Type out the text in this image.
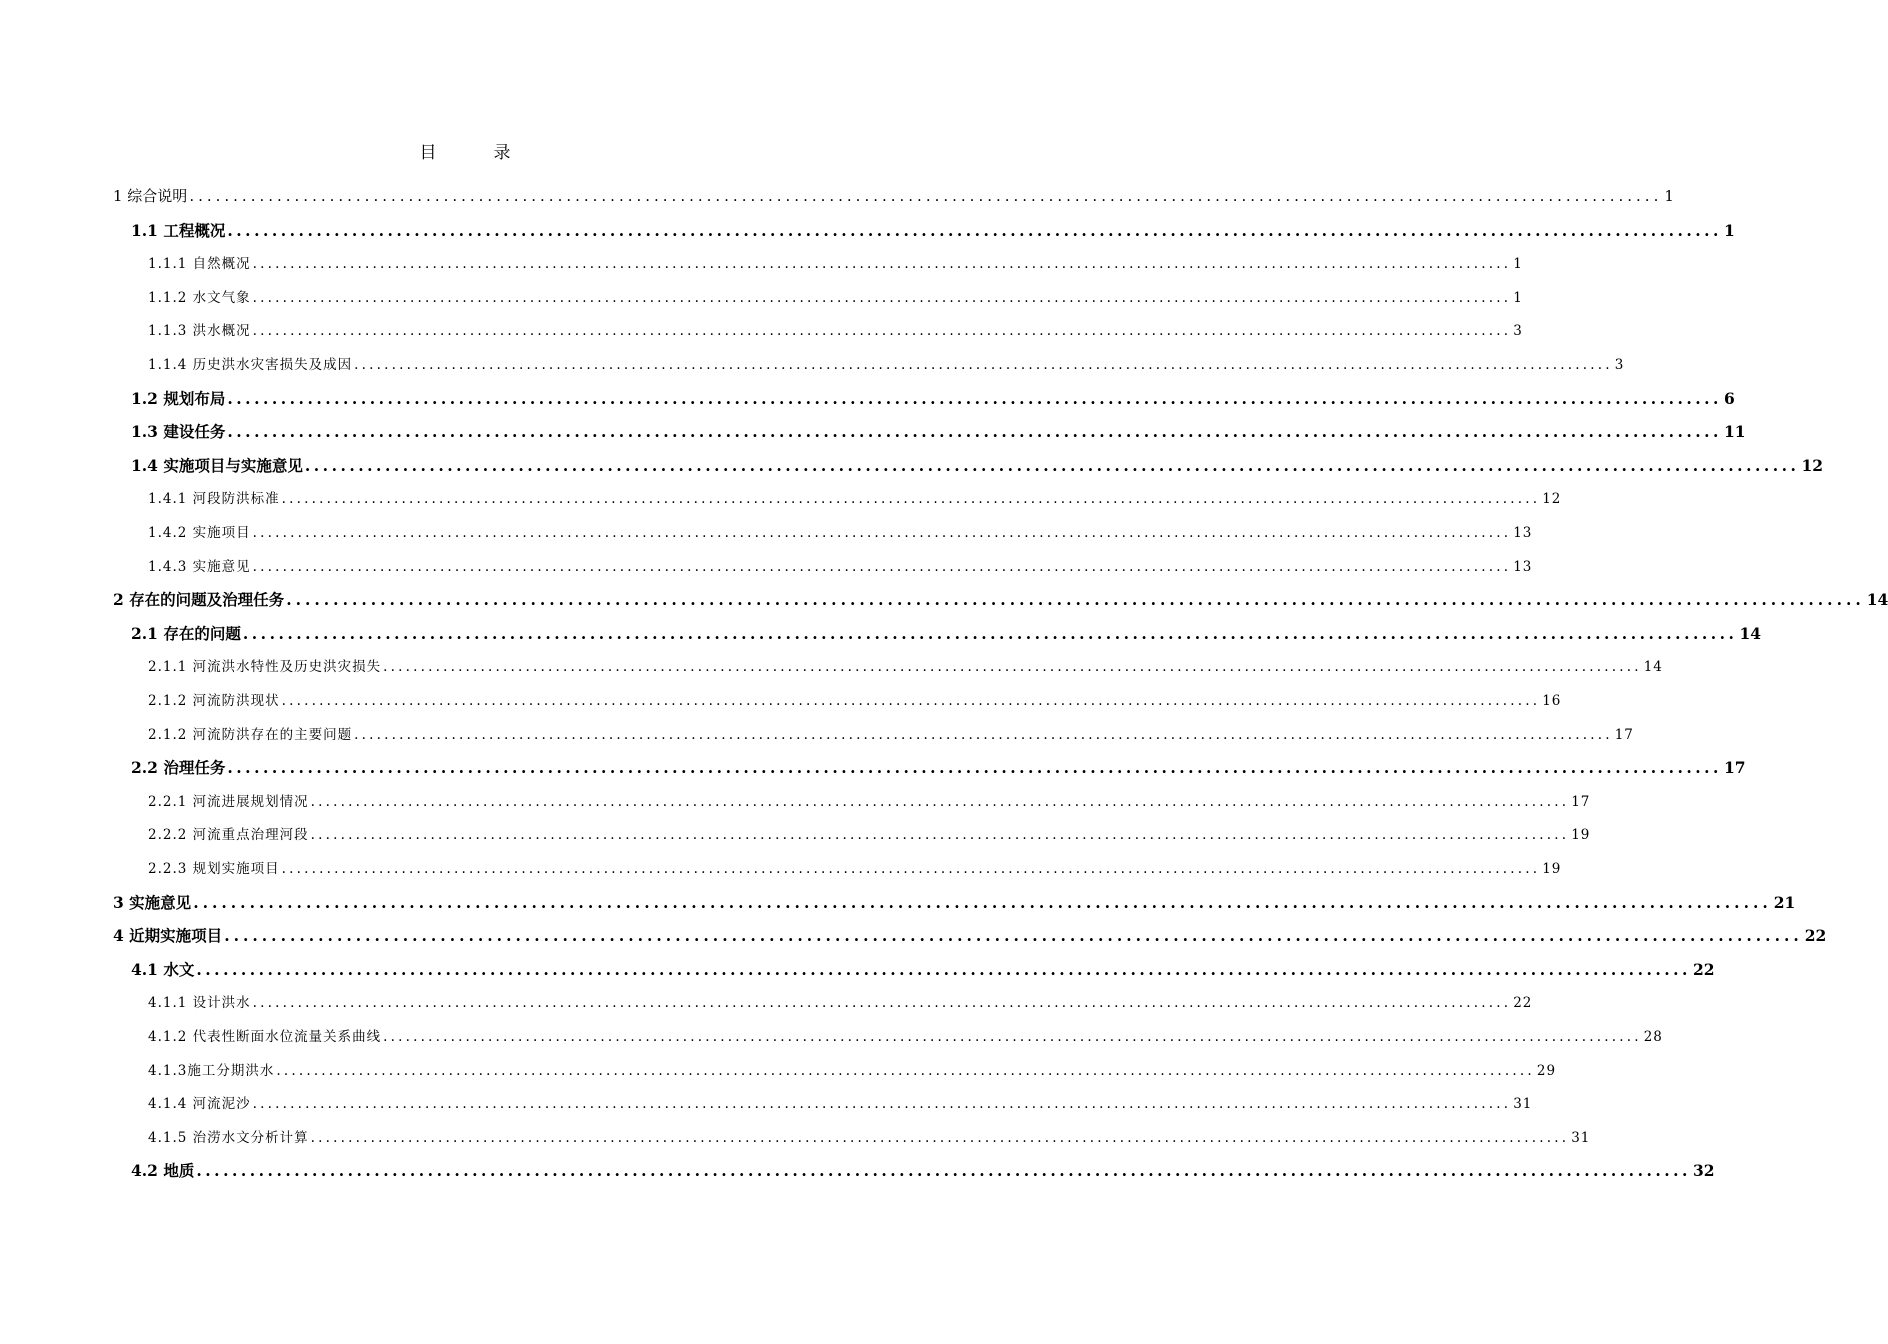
目　录
1 综合说明 ........................................................................................................................................................................ 1
1.1 工程概况 ........................................................................................................................................................................ 1
1.1.1 自然概况 ........................................................................................................................................................................ 1
1.1.2 水文气象 ........................................................................................................................................................................ 1
1.1.3 洪水概况 ........................................................................................................................................................................ 3
1.1.4 历史洪水灾害损失及成因 ........................................................................................................................................................................ 3
1.2 规划布局 ........................................................................................................................................................................ 6
1.3 建设任务 ........................................................................................................................................................................ 11
1.4 实施项目与实施意见 ........................................................................................................................................................................ 12
1.4.1 河段防洪标准 ........................................................................................................................................................................ 12
1.4.2 实施项目 ........................................................................................................................................................................ 13
1.4.3 实施意见 ........................................................................................................................................................................ 13
2 存在的问题及治理任务 ........................................................................................................................................................................ 14
2.1 存在的问题 ........................................................................................................................................................................ 14
2.1.1 河流洪水特性及历史洪灾损失 ........................................................................................................................................................................ 14
2.1.2 河流防洪现状 ........................................................................................................................................................................ 16
2.1.2 河流防洪存在的主要问题 ........................................................................................................................................................................ 17
2.2 治理任务 ........................................................................................................................................................................ 17
2.2.1 河流进展规划情况 ........................................................................................................................................................................ 17
2.2.2 河流重点治理河段 ........................................................................................................................................................................ 19
2.2.3 规划实施项目 ........................................................................................................................................................................ 19
3 实施意见 ........................................................................................................................................................................ 21
4 近期实施项目 ........................................................................................................................................................................ 22
4.1 水文 ........................................................................................................................................................................ 22
4.1.1 设计洪水 ........................................................................................................................................................................ 22
4.1.2 代表性断面水位流量关系曲线 ........................................................................................................................................................................ 28
4.1.3施工分期洪水 ........................................................................................................................................................................ 29
4.1.4 河流泥沙 ........................................................................................................................................................................ 31
4.1.5 治涝水文分析计算 ........................................................................................................................................................................ 31
4.2 地质 ........................................................................................................................................................................ 32
